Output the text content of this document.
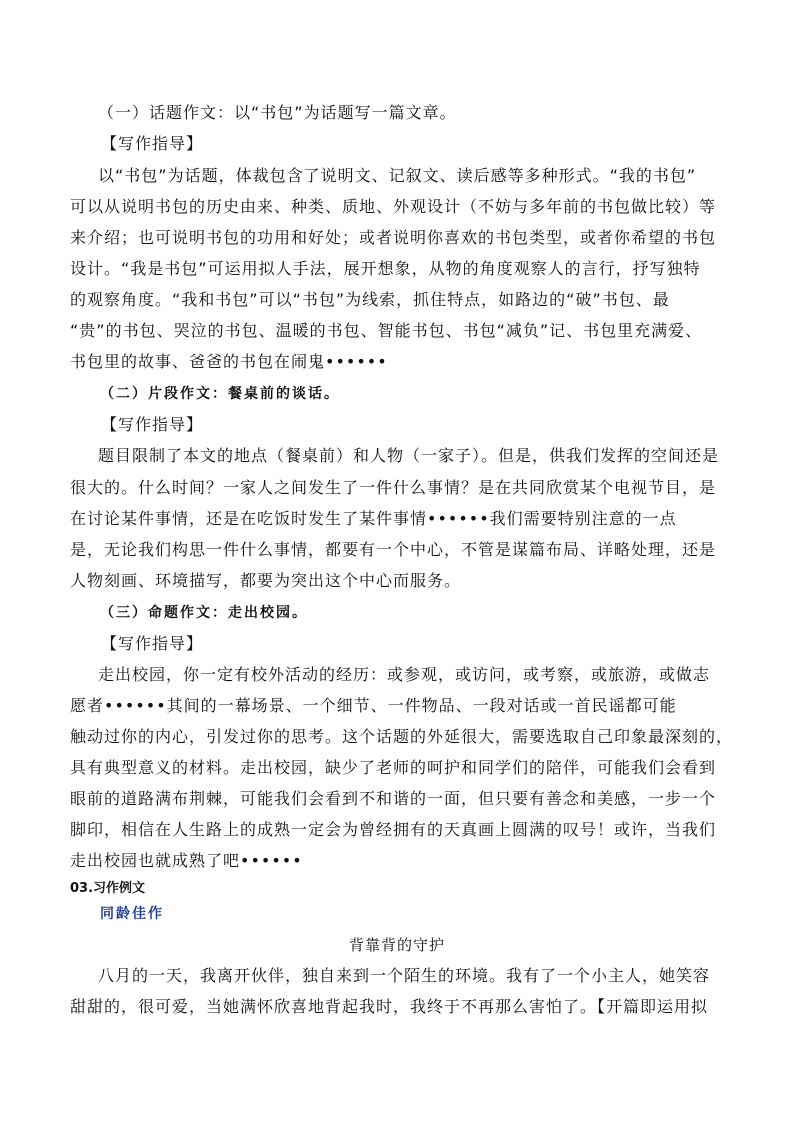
（一）话题作文：以“书包”为话题写一篇文章。
【写作指导】
以“书包”为话题，体裁包含了说明文、记叙文、读后感等多种形式。“我的书包”
可以从说明书包的历史由来、种类、质地、外观设计（不妨与多年前的书包做比较）等
来介绍；也可说明书包的功用和好处；或者说明你喜欢的书包类型，或者你希望的书包
设计。“我是书包”可运用拟人手法，展开想象，从物的角度观察人的言行，抒写独特
的观察角度。“我和书包”可以“书包”为线索，抓住特点，如路边的“破”书包、最
“贵”的书包、哭泣的书包、温暖的书包、智能书包、书包“减负”记、书包里充满爱、
书包里的故事、爸爸的书包在闹鬼••••••
（二）片段作文：餐桌前的谈话。
【写作指导】
题目限制了本文的地点（餐桌前）和人物（一家子）。但是，供我们发挥的空间还是
很大的。什么时间？一家人之间发生了一件什么事情？是在共同欣赏某个电视节目，是
在讨论某件事情，还是在吃饭时发生了某件事情••••••我们需要特别注意的一点
是，无论我们构思一件什么事情，都要有一个中心，不管是谋篇布局、详略处理，还是
人物刻画、环境描写，都要为突出这个中心而服务。
（三）命题作文：走出校园。
【写作指导】
走出校园，你一定有校外活动的经历：或参观，或访问，或考察，或旅游，或做志
愿者••••••其间的一幕场景、一个细节、一件物品、一段对话或一首民谣都可能
触动过你的内心，引发过你的思考。这个话题的外延很大，需要选取自己印象最深刻的，
具有典型意义的材料。走出校园，缺少了老师的呵护和同学们的陪伴，可能我们会看到
眼前的道路满布荆棘，可能我们会看到不和谐的一面，但只要有善念和美感，一步一个
脚印，相信在人生路上的成熟一定会为曾经拥有的天真画上圆满的叹号！或许，当我们
走出校园也就成熟了吧••••••
03.习作例文
同龄佳作
背靠背的守护
八月的一天，我离开伙伴，独自来到一个陌生的环境。我有了一个小主人，她笑容
甜甜的，很可爱，当她满怀欣喜地背起我时，我终于不再那么害怕了。【开篇即运用拟
